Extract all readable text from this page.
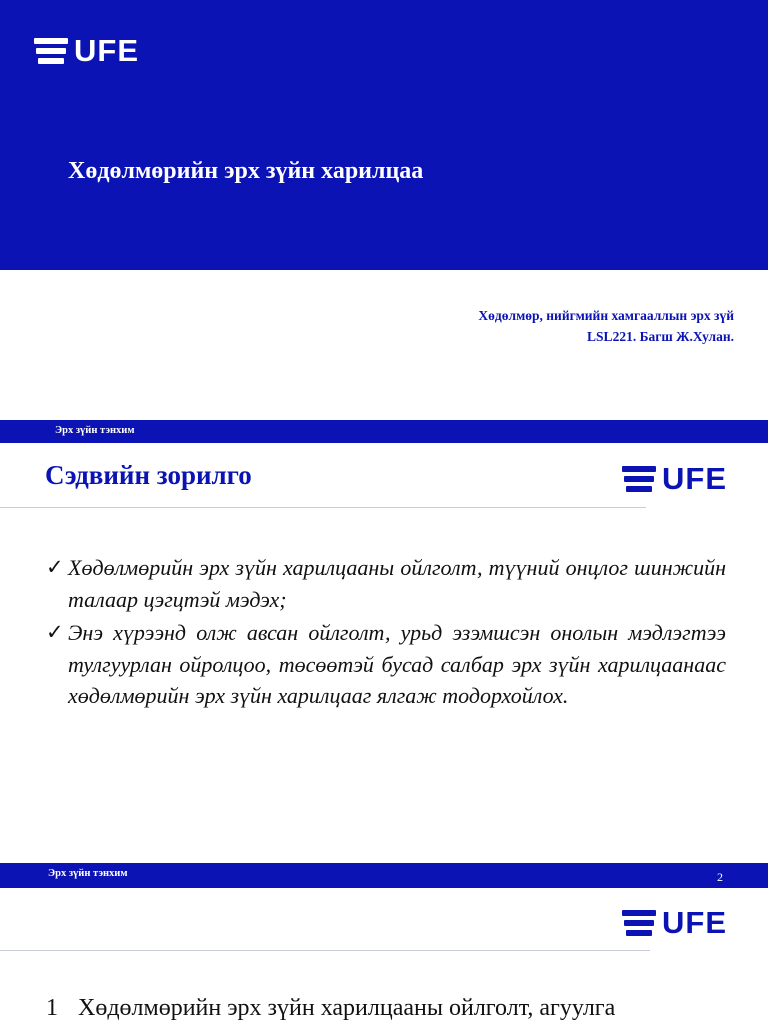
UFE
Хөдөлмөрийн эрх зүйн харилцаа
Хөдөлмөр, нийгмийн хамгааллын эрх зүй
LSL221. Багш Ж.Хулан.
Эрх зүйн тэнхим
Сэдвийн зорилго	UFE
✓ Хөдөлмөрийн эрх зүйн харилцааны ойлголт, түүний онцлог шинжийн талаар цэгцтэй мэдэх;
✓ Энэ хүрээнд олж авсан ойлголт, урьд эзэмшсэн онолын мэдлэгтээ тулгуурлан ойролцоо, төсөөтэй бусад салбар эрх зүйн харилцаанаас хөдөлмөрийн эрх зүйн харилцааг ялгаж тодорхойлох.
Эрх зүйн тэнхим	2
UFE
1 Хөдөлмөрийн эрх зүйн харилцааны ойлголт, агуулга
